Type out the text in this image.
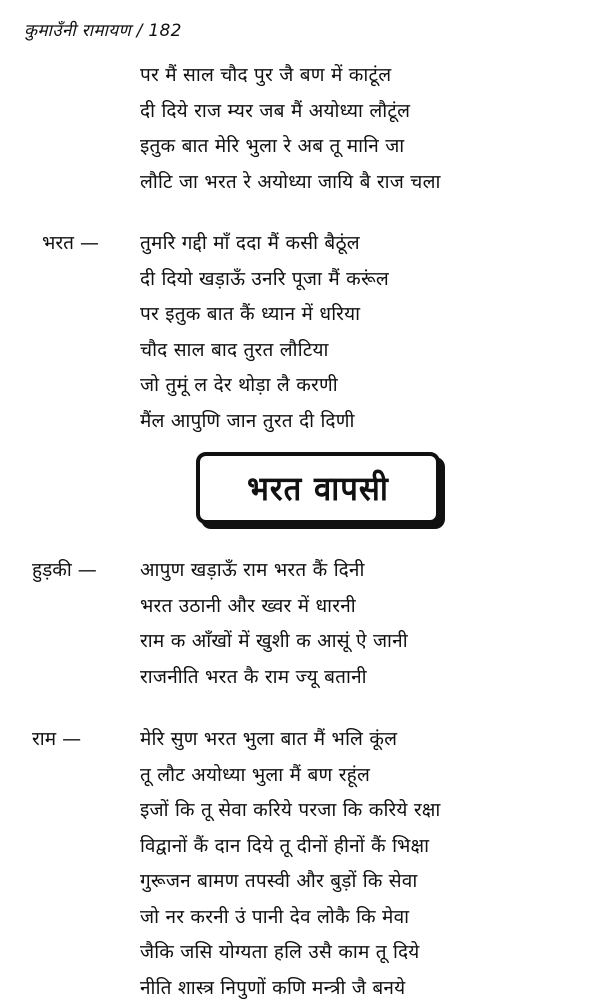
कुमाउँनी रामायण / 182
पर मैं साल चौद पुर जै बण में काटूंल
दी दिये राज म्यर जब मैं अयोध्या लौटूंल
इतुक बात मेरि भुला रे अब तू मानि जा
लौटि जा भरत रे अयोध्या जायि बै राज चला
भरत — तुमरि गद्दी माँ ददा मैं कसी बैठूंल
दी दियो खड़ाऊँ उनरि पूजा मैं करूंल
पर इतुक बात कैं ध्यान में धरिया
चौद साल बाद तुरत लौटिया
जो तुमूं ल देर थोड़ा लै करणी
मैंल आपुणि जान तुरत दी दिणी
भरत वापसी
हुड़की — आपुण खड़ाऊँ राम भरत कैं दिनी
भरत उठानी और ख्वर में धारनी
राम क आँखों में खुशी क आसूं ऐ जानी
राजनीति भरत कै राम ज्यू बतानी
राम —	मेरि सुण भरत भुला बात मैं भलि कूंल
तू लौट अयोध्या भुला मैं बण रहूंल
इजों कि तू सेवा करिये परजा कि करिये रक्षा
विद्वानों कैं दान दिये तू दीनों हीनों कैं भिक्षा
गुरूजन बामण तपस्वी और बुड़ों कि सेवा
जो नर करनी उं पानी देव लोकै कि मेवा
जैकि जसि योग्यता हलि उसै काम तू दिये
नीति शास्त्र निपुणों कणि मन्त्री जै बनये
